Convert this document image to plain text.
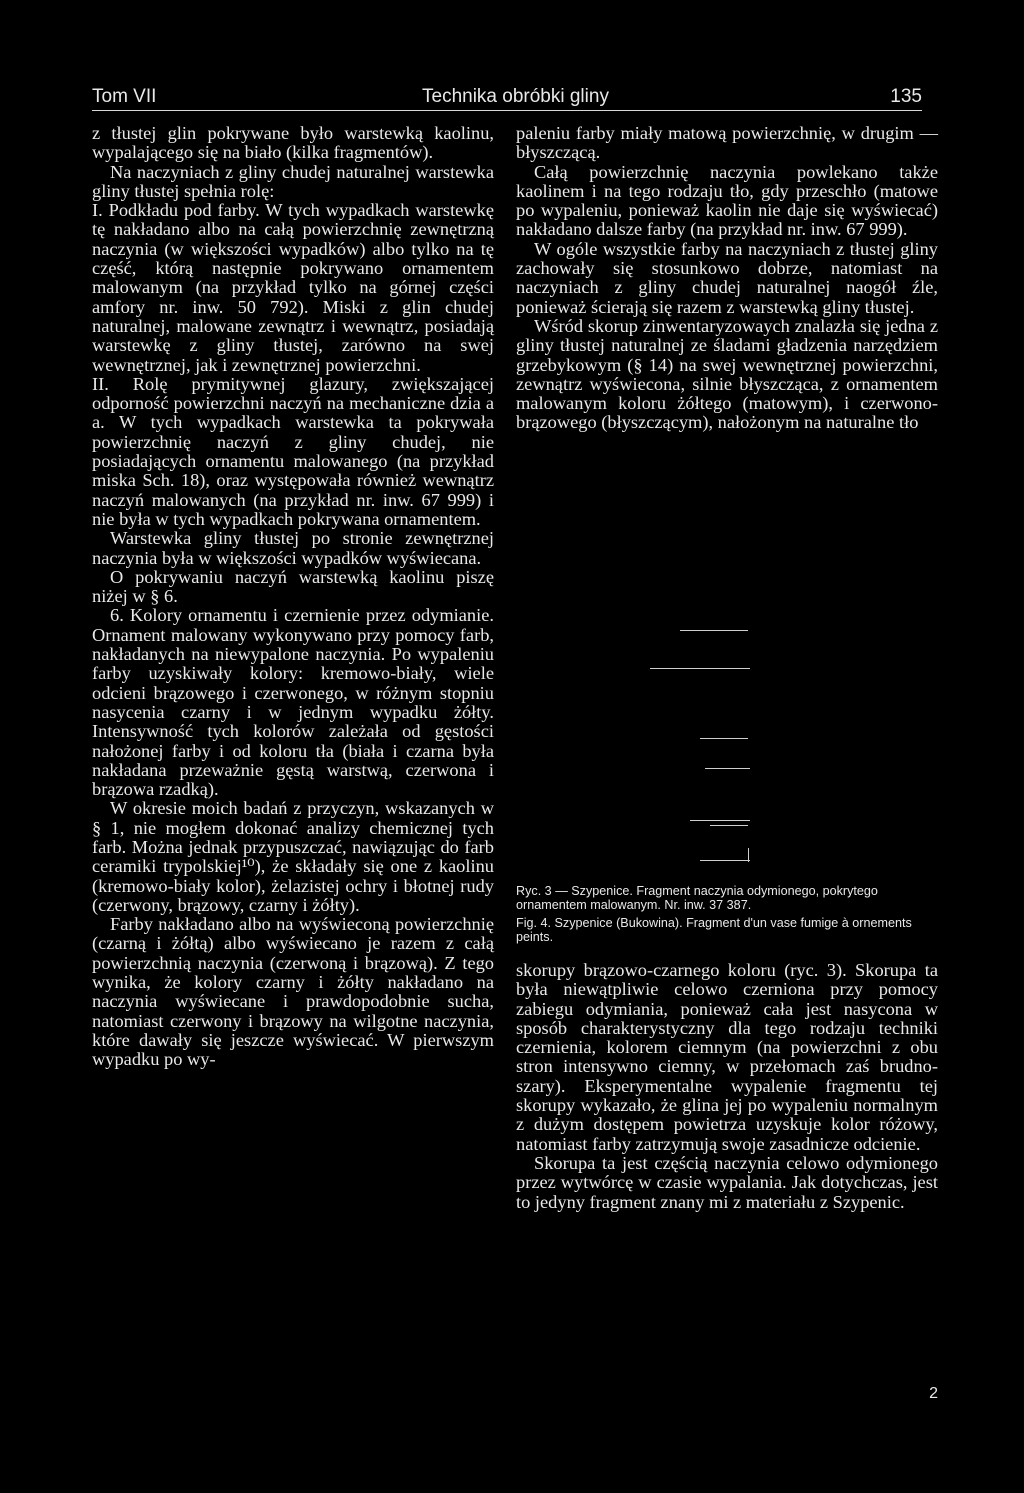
Tom VII	Technika obróbki gliny	135

z tłustej glin pokrywane było warstewką kaolinu, wypalającego się na biało (kilka fragmentów).

Na naczyniach z gliny chudej naturalnej warstewka gliny tłustej spełnia rolę:

I. Podkładu pod farby. W tych wypadkach warstewkę tę nakładano albo na całą powierzchnię zewnętrzną naczynia (w większości wypadków) albo tylko na tę część, którą następnie pokrywano ornamentem malowanym (na przykład tylko na górnej części amfory nr. inw. 50 792). Miski z glin chudej naturalnej, malowane zewnątrz i wewnątrz, posiadają warstewkę z gliny tłustej, zarówno na swej wewnętrznej, jak i zewnętrznej powierzchni.

II. Rolę prymitywnej glazury, zwiększającej odporność powierzchni naczyń na mechaniczne dzia a a. W tych wypadkach warstewka ta pokrywała powierzchnię naczyń z gliny chudej, nie posiadających ornamentu malowanego (na przykład miska Sch. 18), oraz występowała również wewnątrz naczyń malowanych (na przykład nr. inw. 67 999) i nie była w tych wypadkach pokrywana ornamentem.

Warstewka gliny tłustej po stronie zewnętrznej naczynia była w większości wypadków wyświecana.

O pokrywaniu naczyń warstewką kaolinu piszę niżej w § 6.

6. Kolory ornamentu i czernienie przez odymianie. Ornament malowany wykonywano przy pomocy farb, nakładanych na niewypalone naczynia. Po wypaleniu farby uzyskiwały kolory: kremowo-biały, wiele odcieni brązowego i czerwonego, w różnym stopniu nasycenia czarny i w jednym wypadku żółty. Intensywność tych kolorów zależała od gęstości nałożonej farby i od koloru tła (biała i czarna była nakładana przeważnie gęstą warstwą, czerwona i brązowa rzadką).

W okresie moich badań z przyczyn, wskazanych w § 1, nie mogłem dokonać analizy chemicznej tych farb. Można jednak przypuszczać, nawiązując do farb ceramiki trypolskiej¹⁰), że składały się one z kaolinu (kremowo-biały kolor), żelazistej ochry i błotnej rudy (czerwony, brązowy, czarny i żółty).

Farby nakładano albo na wyświeconą powierzchnię (czarną i żółtą) albo wyświecano je razem z całą powierzchnią naczynia (czerwoną i brązową). Z tego wynika, że kolory czarny i żółty nakładano na naczynia wyświecane i prawdopodobnie sucha, natomiast czerwony i brązowy na wilgotne naczynia, które dawały się jeszcze wyświecać. W pierwszym wypadku po wy-

paleniu farby miały matową powierzchnię, w drugim — błyszczącą.

Całą powierzchnię naczynia powlekano także kaolinem i na tego rodzaju tło, gdy przeschło (matowe po wypaleniu, ponieważ kaolin nie daje się wyświecać) nakładano dalsze farby (na przykład nr. inw. 67 999).

W ogóle wszystkie farby na naczyniach z tłustej gliny zachowały się stosunkowo dobrze, natomiast na naczyniach z gliny chudej naturalnej naogół źle, ponieważ ścierają się razem z warstewką gliny tłustej.

Wśród skorup zinwentaryzowaych znalazła się jedna z gliny tłustej naturalnej ze śladami gładzenia narzędziem grzebykowym (§ 14) na swej wewnętrznej powierzchni, zewnątrz wyświecona, silnie błyszcząca, z ornamentem malowanym koloru żółtego (matowym), i czerwono-brązowego (błyszczącym), nałożonym na naturalne tło

Ryc. 3 — Szypenice. Fragment naczynia odymionego, pokrytego ornamentem malowanym. Nr. inw. 37 387.

Fig. 4. Szypenice (Bukowina). Fragment d'un vase fumige à ornements peints.

skorupy brązowo-czarnego koloru (ryc. 3). Skorupa ta była niewątpliwie celowo czerniona przy pomocy zabiegu odymiania, ponieważ cała jest nasycona w sposób charakterystyczny dla tego rodzaju techniki czernienia, kolorem ciemnym (na powierzchni z obu stron intensywno ciemny, w przełomach zaś brudno-szary). Eksperymentalne wypalenie fragmentu tej skorupy wykazało, że glina jej po wypaleniu normalnym z dużym dostępem powietrza uzyskuje kolor różowy, natomiast farby zatrzymują swoje zasadnicze odcienie.

Skorupa ta jest częścią naczynia celowo odymionego przez wytwórcę w czasie wypalania. Jak dotychczas, jest to jedyny fragment znany mi z materiału z Szypenic.

2
